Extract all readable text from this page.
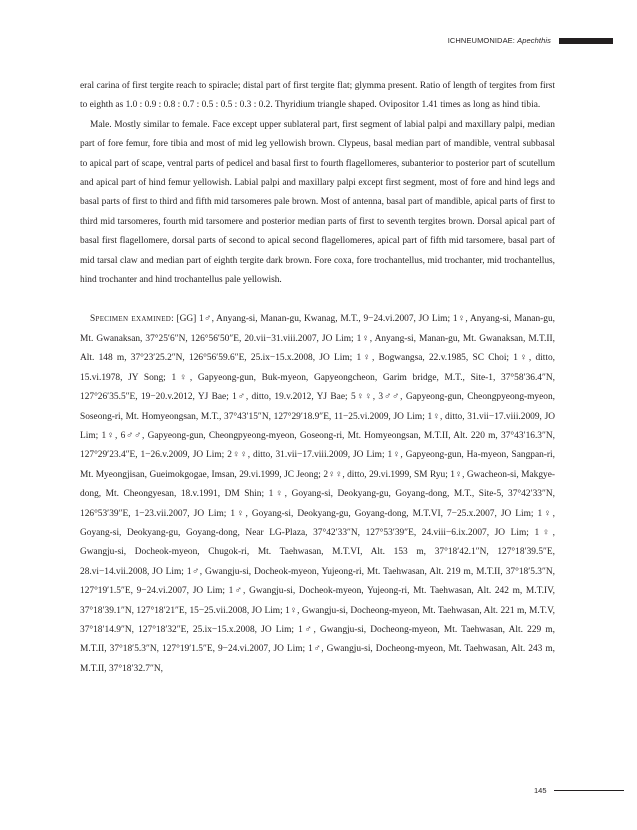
ICHNEUMONIDAE:
Apechthis

eral carina of first tergite reach to spiracle; distal part of first tergite flat; glymma present. Ratio of length of tergites from first to eighth as 1.0 : 0.9 : 0.8 : 0.7 : 0.5 : 0.5 : 0.3 : 0.2. Thyridium triangle shaped. Ovipositor 1.41 times as long as hind tibia.

Male. Mostly similar to female. Face except upper sublateral part, first segment of labial palpi and maxillary palpi, median part of fore femur, fore tibia and most of mid leg yellowish brown. Clypeus, basal median part of mandible, ventral subbasal to apical part of scape, ventral parts of pedicel and basal first to fourth flagellomeres, subanterior to posterior part of scutellum and apical part of hind femur yellowish. Labial palpi and maxillary palpi except first segment, most of fore and hind legs and basal parts of first to third and fifth mid tarsomeres pale brown. Most of antenna, basal part of mandible, apical parts of first to third mid tarsomeres, fourth mid tarsomere and posterior median parts of first to seventh tergites brown. Dorsal apical part of basal first flagellomere, dorsal parts of second to apical second flagellomeres, apical part of fifth mid tarsomere, basal part of mid tarsal claw and median part of eighth tergite dark brown. Fore coxa, fore trochantellus, mid trochanter, mid trochantellus, hind trochanter and hind trochantellus pale yellowish.

Specimen examined: [GG] 1♂, Anyang-si, Manan-gu, Kwanag, M.T., 9−24.vi.2007, JO Lim; 1♀, Anyang-si, Manan-gu, Mt. Gwanaksan, 37°25′6″N, 126°56′50″E, 20.vii−31.viii.2007, JO Lim; 1♀, Anyang-si, Manan-gu, Mt. Gwanaksan, M.T.II, Alt. 148 m, 37°23′25.2″N, 126°56′59.6″E, 25.ix−15.x.2008, JO Lim; 1♀, Bogwangsa, 22.v.1985, SC Choi; 1♀, ditto, 15.vi.1978, JY Song; 1♀, Gapyeong-gun, Buk-myeon, Gapyeongcheon, Garim bridge, M.T., Site-1, 37°58′36.4″N, 127°26′35.5″E, 19−20.v.2012, YJ Bae; 1♂, ditto, 19.v.2012, YJ Bae; 5♀♀, 3♂♂, Gapyeong-gun, Cheongpyeong-myeon, Soseong-ri, Mt. Homyeongsan, M.T., 37°43′15″N, 127°29′18.9″E, 11−25.vi.2009, JO Lim; 1♀, ditto, 31.vii−17.viii.2009, JO Lim; 1♀, 6♂♂, Gapyeong-gun, Cheongpyeong-myeon, Goseong-ri, Mt. Homyeongsan, M.T.II, Alt. 220 m, 37°43′16.3″N, 127°29′23.4″E, 1−26.v.2009, JO Lim; 2♀♀, ditto, 31.vii−17.viii.2009, JO Lim; 1♀, Gapyeong-gun, Ha-myeon, Sangpan-ri, Mt. Myeongjisan, Gueimokgogae, Imsan, 29.vi.1999, JC Jeong; 2♀♀, ditto, 29.vi.1999, SM Ryu; 1♀, Gwacheon-si, Makgye-dong, Mt. Cheongyesan, 18.v.1991, DM Shin; 1♀, Goyang-si, Deokyang-gu, Goyang-dong, M.T., Site-5, 37°42′33″N, 126°53′39″E, 1−23.vii.2007, JO Lim; 1♀, Goyang-si, Deokyang-gu, Goyang-dong, M.T.VI, 7−25.x.2007, JO Lim; 1♀, Goyang-si, Deokyang-gu, Goyang-dong, Near LG-Plaza, 37°42′33″N, 127°53′39″E, 24.viii−6.ix.2007, JO Lim; 1♀, Gwangju-si, Docheok-myeon, Chugok-ri, Mt. Taehwasan, M.T.VI, Alt. 153 m, 37°18′42.1″N, 127°18′39.5″E, 28.vi−14.vii.2008, JO Lim; 1♂, Gwangju-si, Docheok-myeon, Yujeong-ri, Mt. Taehwasan, Alt. 219 m, M.T.II, 37°18′5.3″N, 127°19′1.5″E, 9−24.vi.2007, JO Lim; 1♂, Gwangju-si, Docheok-myeon, Yujeong-ri, Mt. Taehwasan, Alt. 242 m, M.T.IV, 37°18′39.1″N, 127°18′21″E, 15−25.vii.2008, JO Lim; 1♀, Gwangju-si, Docheong-myeon, Mt. Taehwasan, Alt. 221 m, M.T.V, 37°18′14.9″N, 127°18′32″E, 25.ix−15.x.2008, JO Lim; 1♂, Gwangju-si, Docheong-myeon, Mt. Taehwasan, Alt. 229 m, M.T.II, 37°18′5.3″N, 127°19′1.5″E, 9−24.vi.2007, JO Lim; 1♂, Gwangju-si, Docheong-myeon, Mt. Taehwasan, Alt. 243 m, M.T.II, 37°18′32.7″N,

145
